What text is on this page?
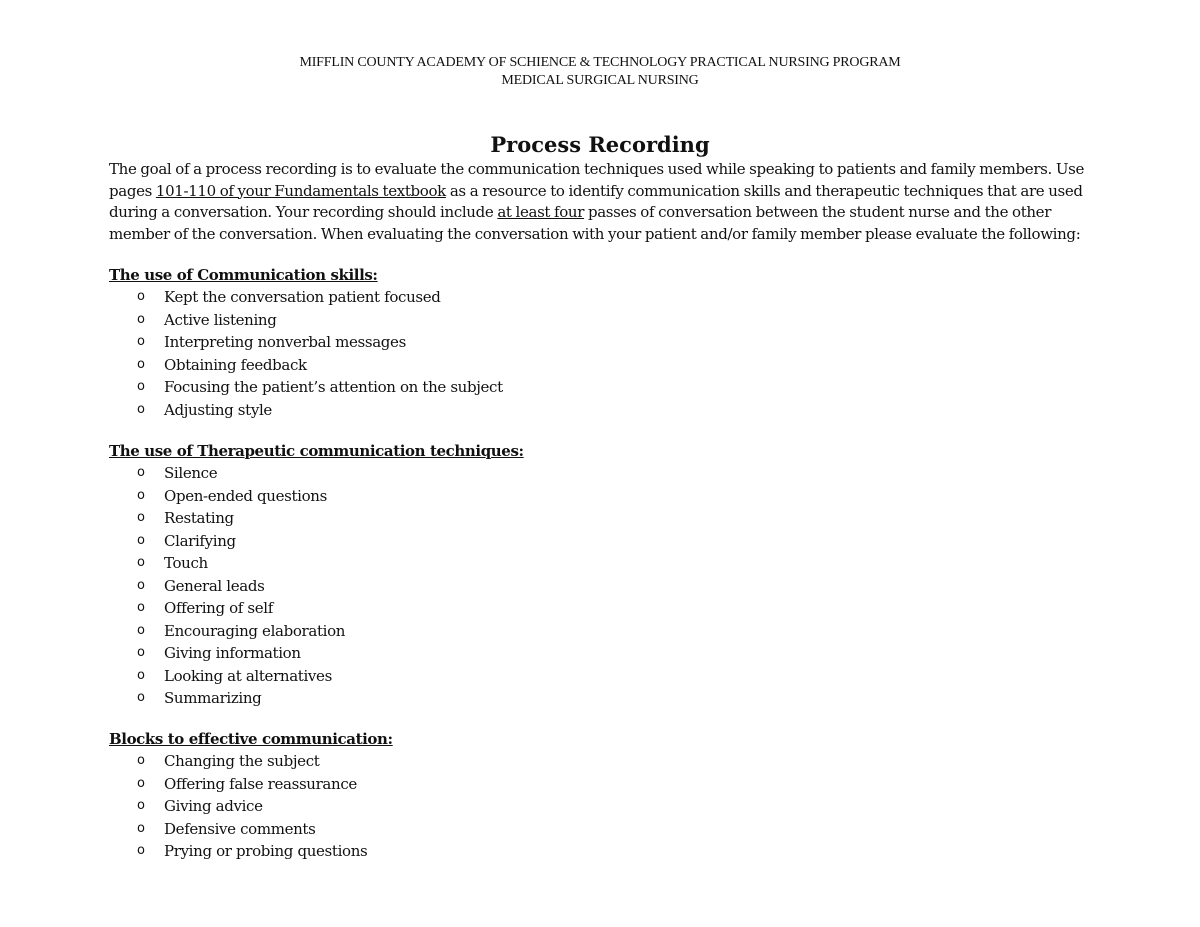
MIFFLIN COUNTY ACADEMY OF SCHIENCE & TECHNOLOGY PRACTICAL NURSING PROGRAM
MEDICAL SURGICAL NURSING
Process Recording
The goal of a process recording is to evaluate the communication techniques used while speaking to patients and family members. Use
pages 101-110 of your Fundamentals textbook as a resource to identify communication skills and therapeutic techniques that are used
during a conversation. Your recording should include at least four passes of conversation between the student nurse and the other
member of the conversation. When evaluating the conversation with your patient and/or family member please evaluate the following:
The use of Communication skills:
o Kept the conversation patient focused
o Active listening
o Interpreting nonverbal messages
o Obtaining feedback
o Focusing the patient’s attention on the subject
o Adjusting style
The use of Therapeutic communication techniques:
o Silence
o Open-ended questions
o Restating
o Clarifying
o Touch
o General leads
o Offering of self
o Encouraging elaboration
o Giving information
o Looking at alternatives
o Summarizing
Blocks to effective communication:
o Changing the subject
o Offering false reassurance
o Giving advice
o Defensive comments
o Prying or probing questions
